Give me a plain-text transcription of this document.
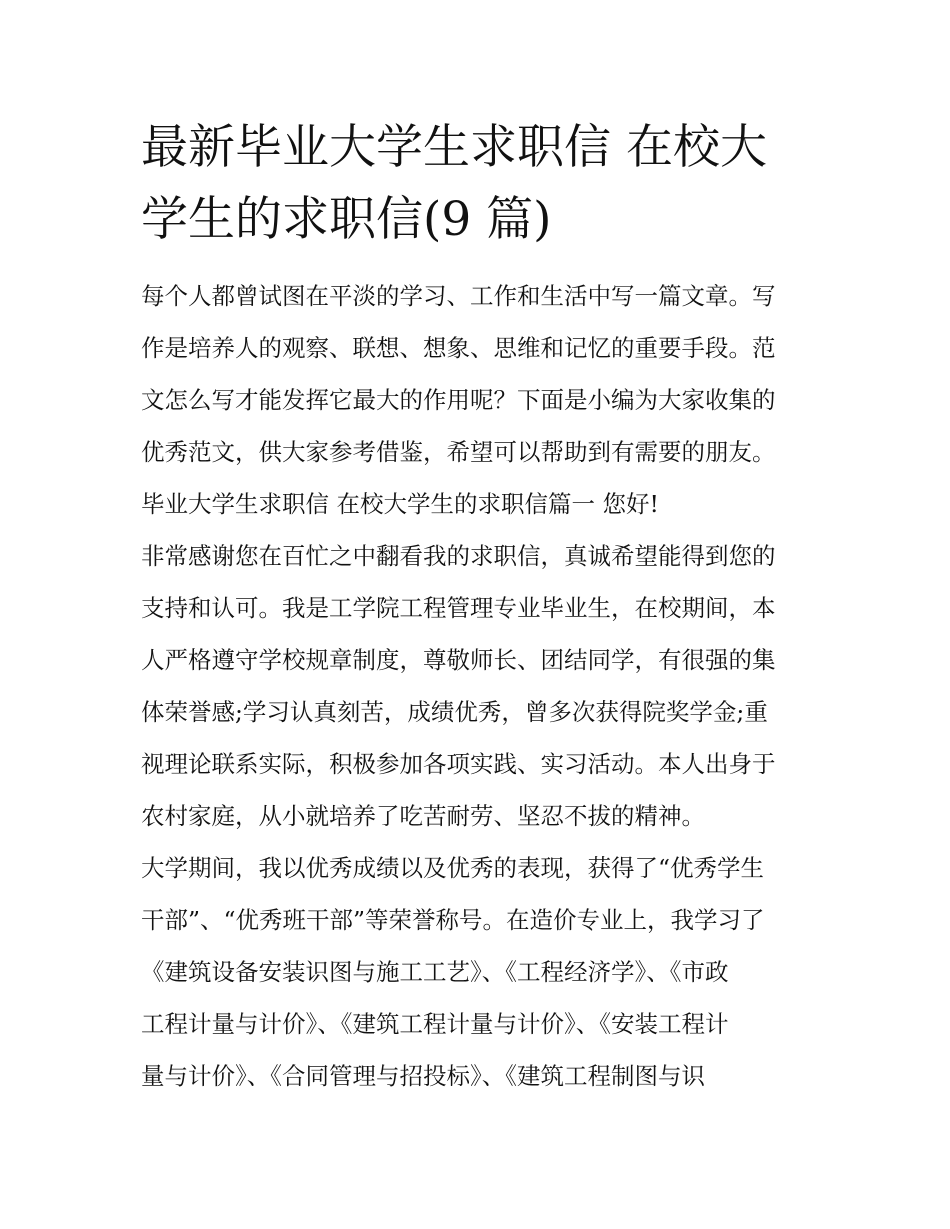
最新毕业大学生求职信 在校大
学生的求职信(9 篇)
每个人都曾试图在平淡的学习、工作和生活中写一篇文章。写
作是培养人的观察、联想、想象、思维和记忆的重要手段。范
文怎么写才能发挥它最大的作用呢？下面是小编为大家收集的
优秀范文，供大家参考借鉴，希望可以帮助到有需要的朋友。
毕业大学生求职信 在校大学生的求职信篇一 您好!
非常感谢您在百忙之中翻看我的求职信，真诚希望能得到您的
支持和认可。我是工学院工程管理专业毕业生，在校期间，本
人严格遵守学校规章制度，尊敬师长、团结同学，有很强的集
体荣誉感;学习认真刻苦，成绩优秀，曾多次获得院奖学金;重
视理论联系实际，积极参加各项实践、实习活动。本人出身于
农村家庭，从小就培养了吃苦耐劳、坚忍不拔的精神。
大学期间，我以优秀成绩以及优秀的表现，获得了“优秀学生
干部”、“优秀班干部”等荣誉称号。在造价专业上，我学习了
《建筑设备安装识图与施工工艺》、《工程经济学》、《市政
工程计量与计价》、《建筑工程计量与计价》、《安装工程计
量与计价》、《合同管理与招投标》、《建筑工程制图与识
